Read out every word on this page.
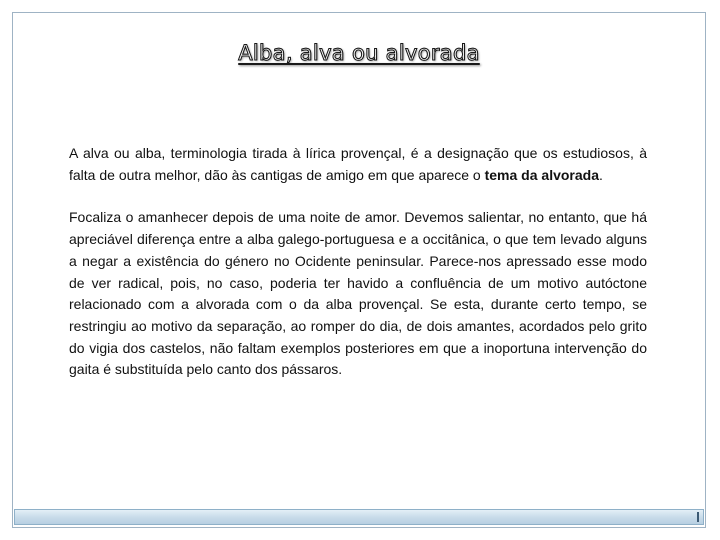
Alba, alva ou alvorada

A alva ou alba, terminologia tirada à lírica provençal, é a designação que os estudiosos, à falta de outra melhor, dão às cantigas de amigo em que aparece o tema da alvorada.

Focaliza o amanhecer depois de uma noite de amor. Devemos salientar, no entanto, que há apreciável diferença entre a alba galego-portuguesa e a occitânica, o que tem levado alguns a negar a existência do género no Ocidente peninsular. Parece-nos apressado esse modo de ver radical, pois, no caso, poderia ter havido a confluência de um motivo autóctone relacionado com a alvorada com o da alba provençal. Se esta, durante certo tempo, se restringiu ao motivo da separação, ao romper do dia, de dois amantes, acordados pelo grito do vigia dos castelos, não faltam exemplos posteriores em que a inoportuna intervenção do gaita é substituída pelo canto dos pássaros.
